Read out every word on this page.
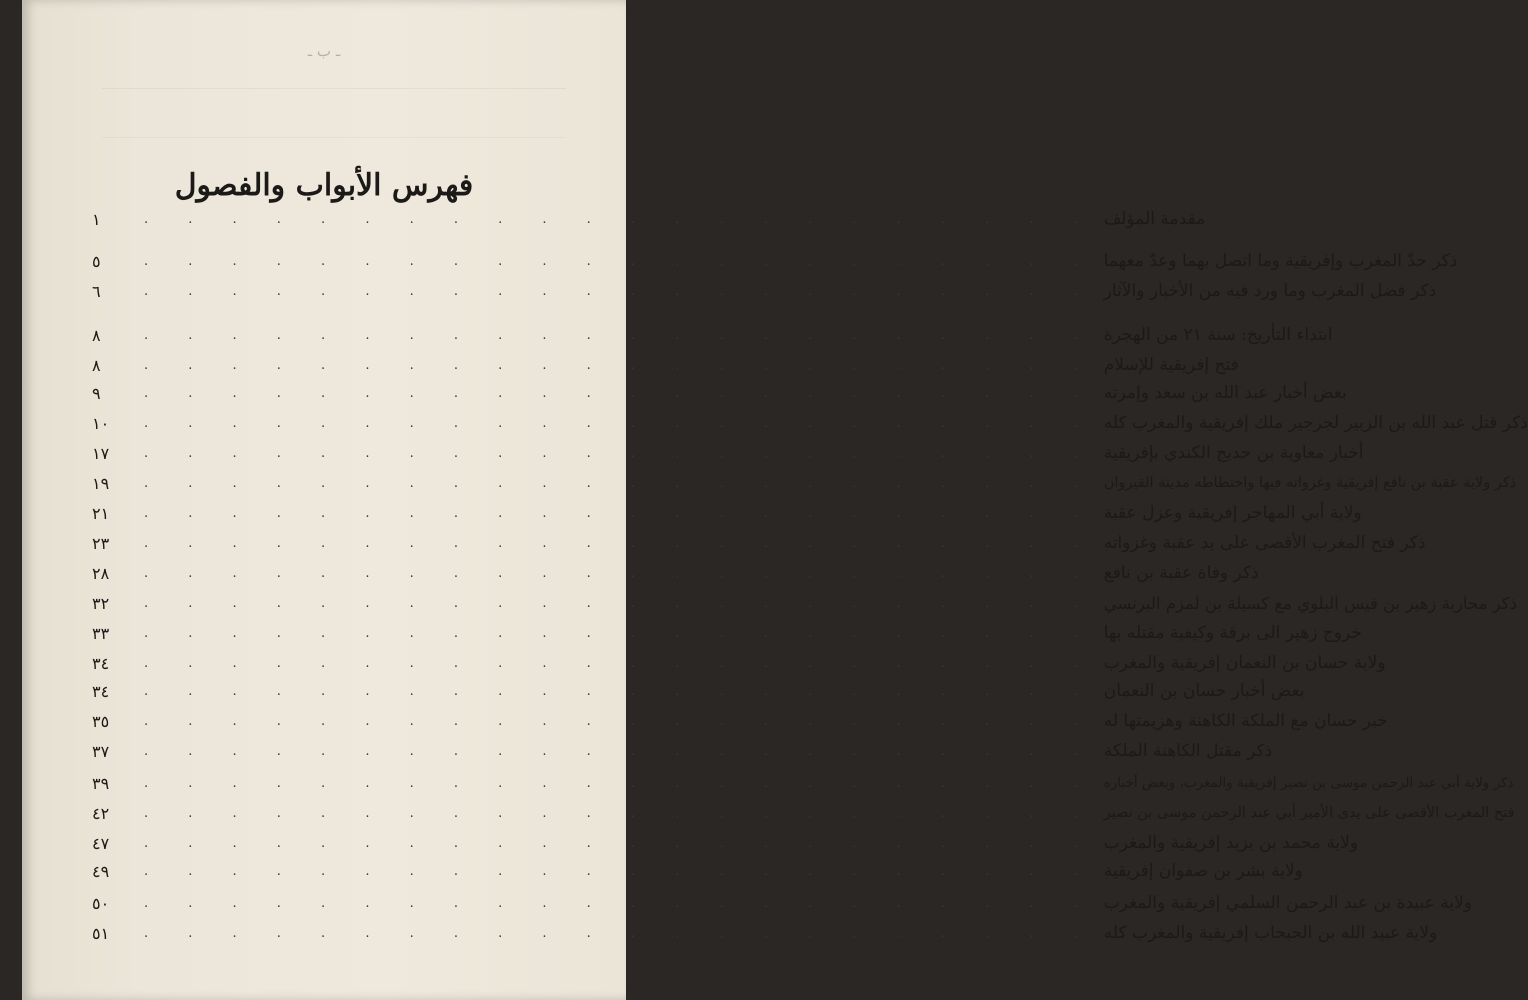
ـ ب ـ
فهرس الأبواب والفصول
١	. . . . . . . . . . . . . . . . . . . . . . مقدمة المؤلف
٥	. . . . . . . . . . . . . . . . . . . . . . ذكر حدّ المغرب وإفريقية وما اتصل بهما وعدّ معهما
٦	. . . . . . . . . . . . . . . . . . . . . . ذكر فضل المغرب وما ورد فيه من الأخبار والآثار
٨	. . . . . . . . . . . . . . . . . . . . . . ابتداء التأريخ: سنة ٢١ من الهجرة
٨	. . . . . . . . . . . . . . . . . . . . . . فتح إفريقية للإسلام
٩	. . . . . . . . . . . . . . . . . . . . . . بعض أخبار عبد الله بن سعد وإمرته
١٠	. . . . . . . . . . . . . . . . . . . . . . ذكر قتل عبد الله بن الزبير لجرجير ملك إفريقية والمغرب كله
١٧	. . . . . . . . . . . . . . . . . . . . . . أخبار معاوية بن حديج الكندي بإفريقية
١٩	. . . . . . . . . . . . . . . . . . . . . . ذكر ولاية عقبة بن نافع إفريقية وغزواته فيها واختطاطه مدينة القيروان
٢١	. . . . . . . . . . . . . . . . . . . . . . ولاية أبي المهاجر إفريقية وعزل عقبة
٢٣	. . . . . . . . . . . . . . . . . . . . . . ذكر فتح المغرب الأقصى على يد عقبة وغزواته
٢٨	. . . . . . . . . . . . . . . . . . . . . . ذكر وفاة عقبة بن نافع
٣٢	. . . . . . . . . . . . . . . . . . . . . . ذكر محاربة زهير بن قيس البلوي مع كسيلة بن لمزم البرنسي
٣٣	. . . . . . . . . . . . . . . . . . . . . . خروج زهير الى برقة وكيفية مقتله بها
٣٤	. . . . . . . . . . . . . . . . . . . . . . ولاية حسان بن النعمان إفريقية والمغرب
٣٤	. . . . . . . . . . . . . . . . . . . . . . بعض أخبار حسان بن النعمان
٣٥	. . . . . . . . . . . . . . . . . . . . . . خبر حسان مع الملكة الكاهنة وهزيمتها له
٣٧	. . . . . . . . . . . . . . . . . . . . . . ذكر مقتل الكاهنة الملكة
٣٩	. . . . . . . . . . . . . . . . . . . . . . ذكر ولاية أبي عبد الرحمن موسى بن نصير إفريقية والمغرب، وبعض أخباره
٤٢	. . . . . . . . . . . . . . . . . . . . . . فتح المغرب الأقصى على يدى الأمير أبي عبد الرحمن موسى بن نصير
٤٧	. . . . . . . . . . . . . . . . . . . . . . ولاية محمد بن يزيد إفريقية والمغرب
٤٩	. . . . . . . . . . . . . . . . . . . . . . ولاية بشر بن صفوان إفريقية
٥٠	. . . . . . . . . . . . . . . . . . . . . . ولاية عبيدة بن عبد الرحمن السلمي إفريقية والمغرب
٥١	. . . . . . . . . . . . . . . . . . . . . . ولاية عبيد الله بن الحبحاب إفريقية والمغرب كله
